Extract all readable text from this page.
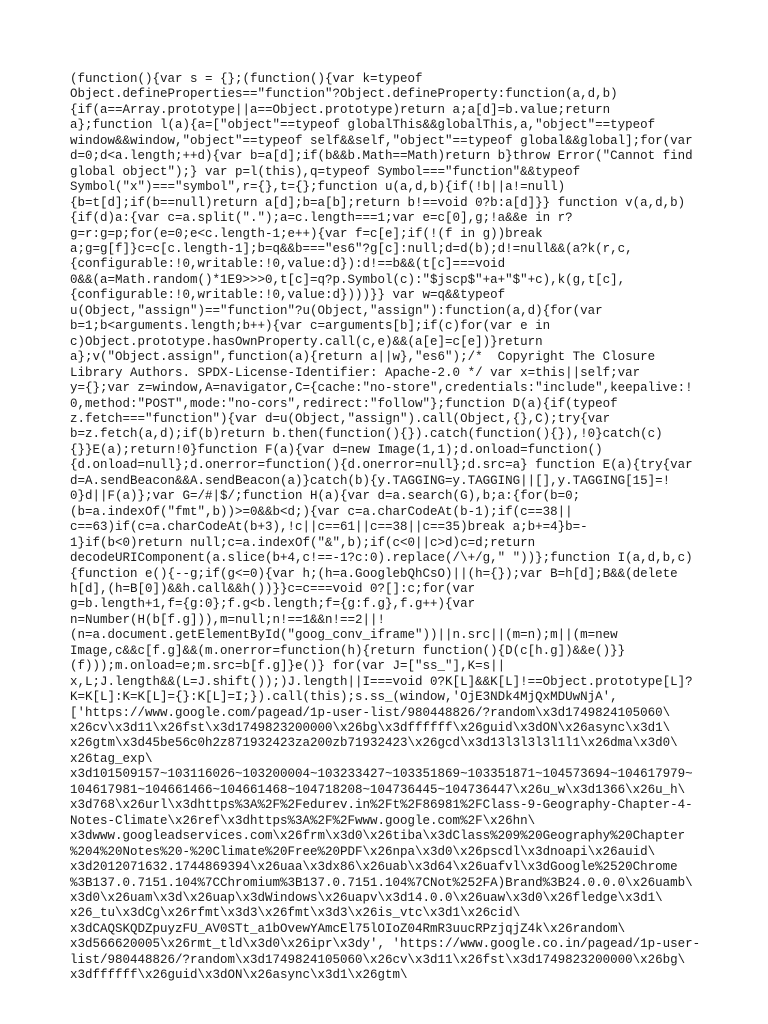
(function(){var s = {};(function(){var k=typeof
Object.defineProperties=="function"?Object.defineProperty:function(a,d,b)
{if(a==Array.prototype||a==Object.prototype)return a;a[d]=b.value;return
a};function l(a){a=["object"==typeof globalThis&&globalThis,a,"object"==typeof
window&&window,"object"==typeof self&&self,"object"==typeof global&&global];for(var
d=0;d<a.length;++d){var b=a[d];if(b&&b.Math==Math)return b}throw Error("Cannot find
global object");} var p=l(this),q=typeof Symbol==="function"&&typeof
Symbol("x")==="symbol",r={},t={};function u(a,d,b){if(!b||a!=null)
{b=t[d];if(b==null)return a[d];b=a[b];return b!==void 0?b:a[d]}} function v(a,d,b)
{if(d)a:{var c=a.split(".");a=c.length===1;var e=c[0],g;!a&&e in r?
g=r:g=p;for(e=0;e<c.length-1;e++){var f=c[e];if(!(f in g))break
a;g=g[f]}c=c[c.length-1];b=q&&b==="es6"?g[c]:null;d=d(b);d!=null&&(a?k(r,c,
{configurable:!0,writable:!0,value:d}):d!==b&&(t[c]===void
0&&(a=Math.random()*1E9>>>0,t[c]=q?p.Symbol(c):"$jscp$"+a+"$"+c),k(g,t[c],
{configurable:!0,writable:!0,value:d})))}} var w=q&&typeof
u(Object,"assign")=="function"?u(Object,"assign"):function(a,d){for(var
b=1;b<arguments.length;b++){var c=arguments[b];if(c)for(var e in
c)Object.prototype.hasOwnProperty.call(c,e)&&(a[e]=c[e])}return
a};v("Object.assign",function(a){return a||w},"es6");/*  Copyright The Closure
Library Authors. SPDX-License-Identifier: Apache-2.0 */ var x=this||self;var
y={};var z=window,A=navigator,C={cache:"no-store",credentials:"include",keepalive:!
0,method:"POST",mode:"no-cors",redirect:"follow"};function D(a){if(typeof
z.fetch==="function"){var d=u(Object,"assign").call(Object,{},C);try{var
b=z.fetch(a,d);if(b)return b.then(function(){}).catch(function(){}),!0}catch(c)
{}}E(a);return!0}function F(a){var d=new Image(1,1);d.onload=function()
{d.onload=null};d.onerror=function(){d.onerror=null};d.src=a} function E(a){try{var
d=A.sendBeacon&&A.sendBeacon(a)}catch(b){y.TAGGING=y.TAGGING||[],y.TAGGING[15]=!
0}d||F(a)};var G=/#|$/;function H(a){var d=a.search(G),b;a:{for(b=0;
(b=a.indexOf("fmt",b))>=0&&b<d;){var c=a.charCodeAt(b-1);if(c==38||
c==63)if(c=a.charCodeAt(b+3),!c||c==61||c==38||c==35)break a;b+=4}b=-
1}if(b<0)return null;c=a.indexOf("&",b);if(c<0||c>d)c=d;return
decodeURIComponent(a.slice(b+4,c!==-1?c:0).replace(/\+/g," "))};function I(a,d,b,c)
{function e(){--g;if(g<=0){var h;(h=a.GooglebQhCsO)||(h={});var B=h[d];B&&(delete
h[d],(h=B[0])&&h.call&&h())}}c=c===void 0?[]:c;for(var
g=b.length+1,f={g:0};f.g<b.length;f={g:f.g},f.g++){var
n=Number(H(b[f.g])),m=null;n!==1&&n!==2||!
(n=a.document.getElementById("goog_conv_iframe"))||n.src||(m=n);m||(m=new
Image,c&&c[f.g]&&(m.onerror=function(h){return function(){D(c[h.g])&&e()}}
(f)));m.onload=e;m.src=b[f.g]}e()} for(var J=["ss_"],K=s||
x,L;J.length&&(L=J.shift());)J.length||I===void 0?K[L]&&K[L]!==Object.prototype[L]?
K=K[L]:K=K[L]={}:K[L]=I;}).call(this);s.ss_(window,'OjE3NDk4MjQxMDUwNjA',
['https://www.google.com/pagead/1p-user-list/980448826/?random\x3d1749824105060\
x26cv\x3d11\x26fst\x3d1749823200000\x26bg\x3dffffff\x26guid\x3dON\x26async\x3d1\
x26gtm\x3d45be56c0h2z871932423za200zb71932423\x26gcd\x3d13l3l3l3l1l1\x26dma\x3d0\
x26tag_exp\
x3d101509157~103116026~103200004~103233427~103351869~103351871~104573694~104617979~
104617981~104661466~104661468~104718208~104736445~104736447\x26u_w\x3d1366\x26u_h\
x3d768\x26url\x3dhttps%3A%2F%2Fedurev.in%2Ft%2F86981%2FClass-9-Geography-Chapter-4-
Notes-Climate\x26ref\x3dhttps%3A%2F%2Fwww.google.com%2F\x26hn\
x3dwww.googleadservices.com\x26frm\x3d0\x26tiba\x3dClass%209%20Geography%20Chapter
%204%20Notes%20-%20Climate%20Free%20PDF\x26npa\x3d0\x26pscdl\x3dnoapi\x26auid\
x3d2012071632.1744869394\x26uaa\x3dx86\x26uab\x3d64\x26uafvl\x3dGoogle%2520Chrome
%3B137.0.7151.104%7CChromium%3B137.0.7151.104%7CNot%252FA)Brand%3B24.0.0.0\x26uamb\
x3d0\x26uam\x3d\x26uap\x3dWindows\x26uapv\x3d14.0.0\x26uaw\x3d0\x26fledge\x3d1\
x26_tu\x3dCg\x26rfmt\x3d3\x26fmt\x3d3\x26is_vtc\x3d1\x26cid\
x3dCAQSKQDZpuyzFU_AV0STt_a1bOvewYAmcEl75lOIoZ04RmR3uucRPzjqjZ4k\x26random\
x3d566620005\x26rmt_tld\x3d0\x26ipr\x3dy', 'https://www.google.co.in/pagead/1p-user-
list/980448826/?random\x3d1749824105060\x26cv\x3d11\x26fst\x3d1749823200000\x26bg\
x3dffffff\x26guid\x3dON\x26async\x3d1\x26gtm\
